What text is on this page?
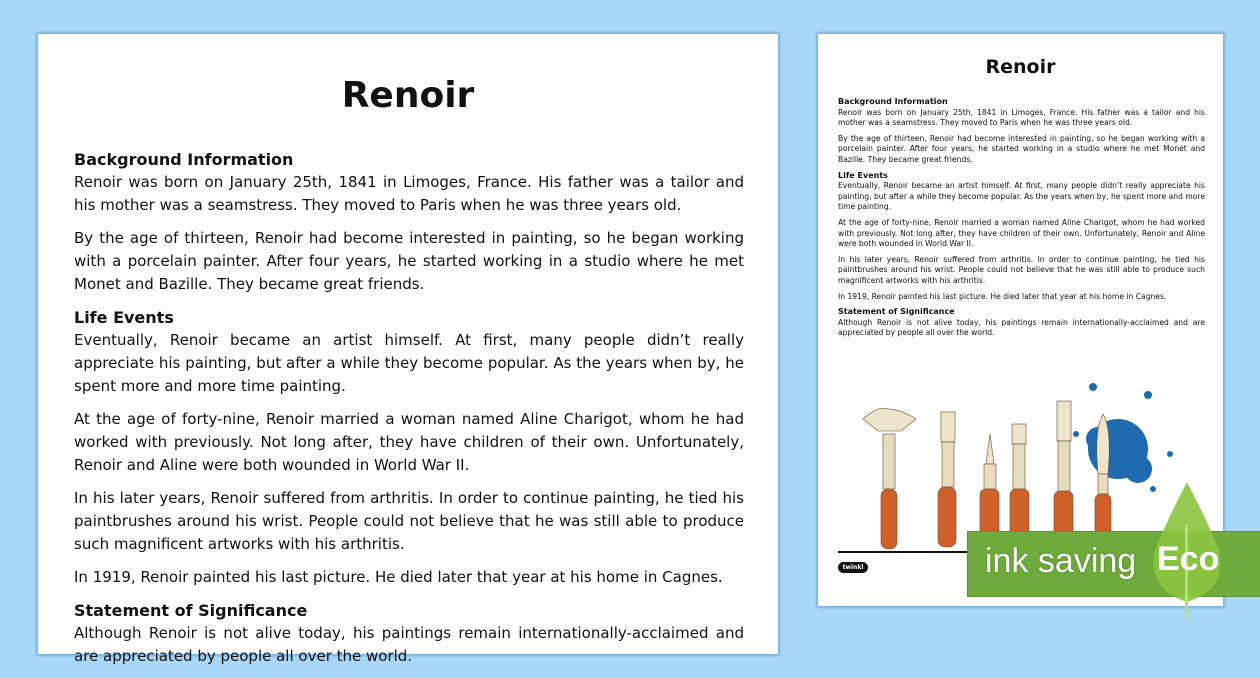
Renoir
Background Information

Renoir was born on January 25th, 1841 in Limoges, France. His father was a tailor and his mother was a seamstress. They moved to Paris when he was three years old.

By the age of thirteen, Renoir had become interested in painting, so he began working with a porcelain painter. After four years, he started working in a studio where he met Monet and Bazille. They became great friends.

Life Events

Eventually, Renoir became an artist himself. At first, many people didn’t really appreciate his painting, but after a while they become popular. As the years when by, he spent more and more time painting.

At the age of forty-nine, Renoir married a woman named Aline Charigot, whom he had worked with previously. Not long after, they have children of their own. Unfortunately, Renoir and Aline were both wounded in World War II.

In his later years, Renoir suffered from arthritis. In order to continue painting, he tied his paintbrushes around his wrist. People could not believe that he was still able to produce such magnificent artworks with his arthritis.

In 1919, Renoir painted his last picture. He died later that year at his home in Cagnes.

Statement of Significance

Although Renoir is not alive today, his paintings remain internationally-acclaimed and are appreciated by people all over the world.

Renoir
Background Information

Renoir was born on January 25th, 1841 in Limoges, France. His father was a tailor and his mother was a seamstress. They moved to Paris when he was three years old.

By the age of thirteen, Renoir had become interested in painting, so he began working with a porcelain painter. After four years, he started working in a studio where he met Monet and Bazille. They became great friends.

Life Events

Eventually, Renoir became an artist himself. At first, many people didn’t really appreciate his painting, but after a while they become popular. As the years when by, he spent more and more time painting.

At the age of forty-nine, Renoir married a woman named Aline Charigot, whom he had worked with previously. Not long after, they have children of their own. Unfortunately, Renoir and Aline were both wounded in World War II.

In his later years, Renoir suffered from arthritis. In order to continue painting, he tied his paintbrushes around his wrist. People could not believe that he was still able to produce such magnificent artworks with his arthritis.

In 1919, Renoir painted his last picture. He died later that year at his home in Cagnes.

Statement of Significance

Although Renoir is not alive today, his paintings remain internationally-acclaimed and are appreciated by people all over the world.

twinkl	ink saving Eco
